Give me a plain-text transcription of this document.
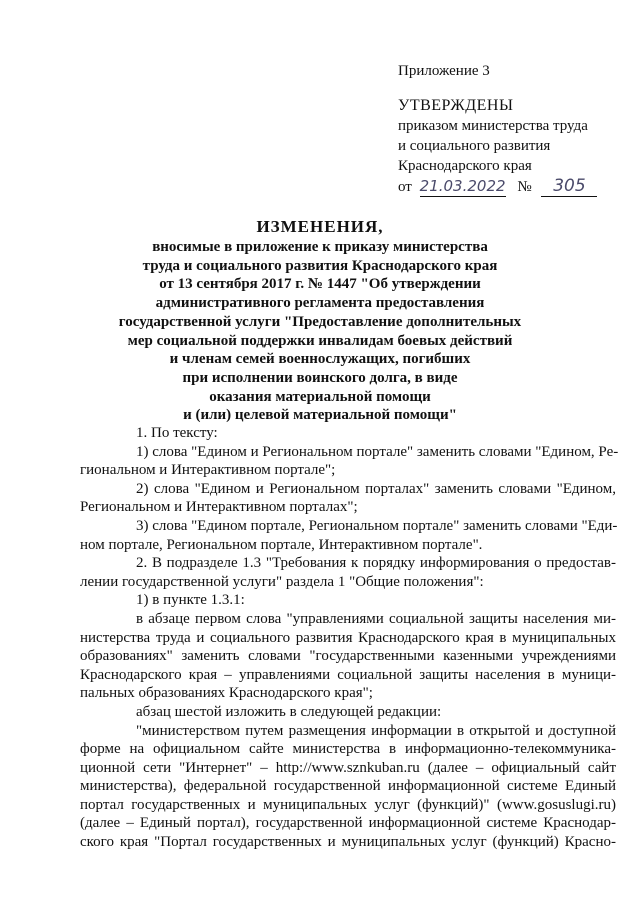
Приложение 3
УТВЕРЖДЕНЫ
приказом министерства труда
и социального развития
Краснодарского края
от 21.03.2022 № 305
ИЗМЕНЕНИЯ,
вносимые в приложение к приказу министерства
труда и социального развития Краснодарского края
от 13 сентября 2017 г. № 1447 "Об утверждении
административного регламента предоставления
государственной услуги "Предоставление дополнительных
мер социальной поддержки инвалидам боевых действий
и членам семей военнослужащих, погибших
при исполнении воинского долга, в виде
оказания материальной помощи
и (или) целевой материальной помощи"
1. По тексту:
1) слова "Едином и Региональном портале" заменить словами "Едином, Ре-
гиональном и Интерактивном портале";
2) слова "Едином и Региональном порталах" заменить словами "Едином,
Региональном и Интерактивном порталах";
3) слова "Едином портале, Региональном портале" заменить словами "Еди-
ном портале, Региональном портале, Интерактивном портале".
2. В подразделе 1.3 "Требования к порядку информирования о предостав-
лении государственной услуги" раздела 1 "Общие положения":
1) в пункте 1.3.1:
в абзаце первом слова "управлениями социальной защиты населения ми-
нистерства труда и социального развития Краснодарского края в муниципальных
образованиях" заменить словами "государственными казенными учреждениями
Краснодарского края – управлениями социальной защиты населения в муници-
пальных образованиях Краснодарского края";
абзац шестой изложить в следующей редакции:
"министерством путем размещения информации в открытой и доступной
форме на официальном сайте министерства в информационно-телекоммуника-
ционной сети "Интернет" – http://www.sznkuban.ru (далее – официальный сайт
министерства), федеральной государственной информационной системе Единый
портал государственных и муниципальных услуг (функций)" (www.gosuslugi.ru)
(далее – Единый портал), государственной информационной системе Краснодар-
ского края "Портал государственных и муниципальных услуг (функций) Красно-
